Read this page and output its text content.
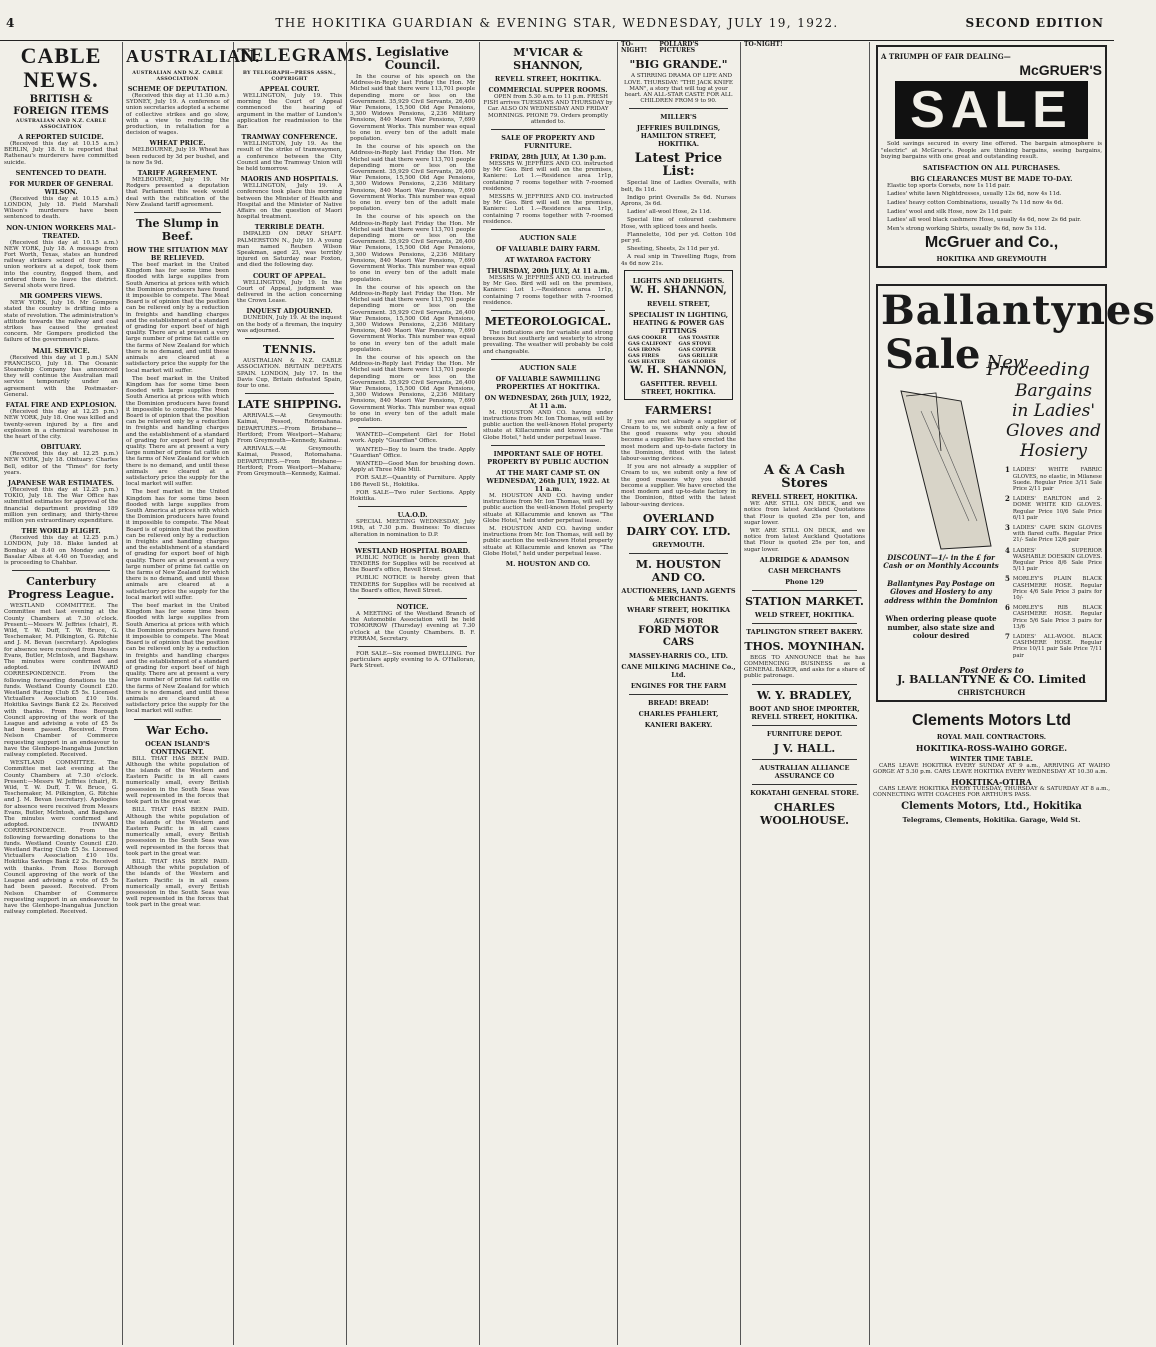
4	THE HOKITIKA GUARDIAN & EVENING STAR, WEDNESDAY, JULY 19, 1922.	SECOND EDITION
CABLE NEWS.
BRITISH & FOREIGN ITEMS
AUSTRALIAN AND N.Z. CABLE ASSOCIATION
A REPORTED SUICIDE.

(Received this day at 10.15 a.m.) BERLIN, July 18. It is reported that Rathenau's murderers have committed suicide.

SENTENCED TO DEATH.
FOR MURDER OF GENERAL WILSON.

(Received this day at 10.15 a.m.) LONDON, July 18. Field Marshall Wilson's murderers have been sentenced to death.

NON-UNION WORKERS MAL-TREATED.

(Received this day at 10.15 a.m.) NEW YORK, July 18. A message from Fort Worth, Texas, states an hundred railway strikers seized of four non-union workers at a depot, took them into the country, flogged them, and ordered them to leave the district. Several shots were fired.

MR GOMPERS VIEWS.

NEW YORK, July 16. Mr Gompers stated the country is drifting into a state of revolution. The administration's attitude towards the railway and coal strikes has caused the greatest concern. Mr Gompers predicted the failure of the government's plans.

MAIL SERVICE.

(Received this day at 1 p.m.) SAN FRANCISCO, July 18. The Oceanic Steamship Company has announced they will continue the Australian mail service temporarily under an agreement with the Postmaster-General.

FATAL FIRE AND EXPLOSION.

(Received this day at 12.25 p.m.) NEW YORK, July 18. One was killed and twenty-seven injured by a fire and explosion in a chemical warehouse in the heart of the city.

OBITUARY.

(Received this day at 12.25 p.m.) NEW YORK, July 18. Obituary: Charles Bell, editor of the "Times" for forty years.

JAPANESE WAR ESTIMATES.

(Received this day at 12.25 p.m.) TOKIO, July 18. The War Office has submitted estimates for approval of the financial department providing 189 million yen ordinary, and thirty-three million yen extraordinary expenditure.

THE WORLD FLIGHT.

(Received this day at 12.25 p.m.) LONDON, July 18. Blake landed at Bombay at 8.40 on Monday and is Basalar Albas at 4.40 on Tuesday, and is proceeding to Chahbar.

Canterbury Progress League.

WESTLAND COMMITTEE. The Committee met last evening at the County Chambers at 7.30 o'clock. Present:—Messrs W. Jeffries (chair), R. Wild, T. W. Duff, T. W. Bruce, G. Teschemaker, M. Pilkington, G. Ritchie and J. M. Bevan (secretary). Apologies for absence were received from Messrs Evans, Butler, McIntosh, and Bagshaw. The minutes were confirmed and adopted. INWARD CORRESPONDENCE. From the following forwarding donations to the funds. Westland County Council £20. Westland Racing Club £5 5s. Licensed Victuallers Association £10 10s. Hokitika Savings Bank £2 2s. Received with thanks. From Ross Borough Council approving of the work of the League and advising a vote of £5 5s had been passed. Received. From Nelson Chamber of Commerce requesting support in an endeavour to have the Glenhope-Inangahua Junction railway completed. Received.

WESTLAND COMMITTEE. The Committee met last evening at the County Chambers at 7.30 o'clock. Present:—Messrs W. Jeffries (chair), R. Wild, T. W. Duff, T. W. Bruce, G. Teschemaker, M. Pilkington, G. Ritchie and J. M. Bevan (secretary). Apologies for absence were received from Messrs Evans, Butler, McIntosh, and Bagshaw. The minutes were confirmed and adopted. INWARD CORRESPONDENCE. From the following forwarding donations to the funds. Westland County Council £20. Westland Racing Club £5 5s. Licensed Victuallers Association £10 10s. Hokitika Savings Bank £2 2s. Received with thanks. From Ross Borough Council approving of the work of the League and advising a vote of £5 5s had been passed. Received. From Nelson Chamber of Commerce requesting support in an endeavour to have the Glenhope-Inangahua Junction railway completed. Received.

AUSTRALIAN.
AUSTRALIAN AND N.Z. CABLE ASSOCIATION
SCHEME OF DEPUTATION.

(Received this day at 11.30 a.m.) SYDNEY, July 19. A conference of union secretaries adopted a scheme of collective strikes and go slow, with a view to reducing the production, in retaliation for a decision of wages.

WHEAT PRICE.

MELBOURNE, July 19. Wheat has been reduced by 3d per bushel, and is now 5s 9d.

TARIFF AGREEMENT.

MELBOURNE, July 19. Mr Rodgers presented a deputation that Parliament this week would deal with the ratification of the New Zealand tariff agreement.

The Slump in Beef.
HOW THE SITUATION MAY BE RELIEVED.

The beef market in the United Kingdom has for some time been flooded with large supplies from South America at prices with which the Dominion producers have found it impossible to compete. The Meat Board is of opinion that the position can be relieved only by a reduction in freights and handling charges and the establishment of a standard of grading for export beef of high quality. There are at present a very large number of prime fat cattle on the farms of New Zealand for which there is no demand, and until these animals are cleared at a satisfactory price the supply for the local market will suffer.

The beef market in the United Kingdom has for some time been flooded with large supplies from South America at prices with which the Dominion producers have found it impossible to compete. The Meat Board is of opinion that the position can be relieved only by a reduction in freights and handling charges and the establishment of a standard of grading for export beef of high quality. There are at present a very large number of prime fat cattle on the farms of New Zealand for which there is no demand, and until these animals are cleared at a satisfactory price the supply for the local market will suffer.

The beef market in the United Kingdom has for some time been flooded with large supplies from South America at prices with which the Dominion producers have found it impossible to compete. The Meat Board is of opinion that the position can be relieved only by a reduction in freights and handling charges and the establishment of a standard of grading for export beef of high quality. There are at present a very large number of prime fat cattle on the farms of New Zealand for which there is no demand, and until these animals are cleared at a satisfactory price the supply for the local market will suffer.

The beef market in the United Kingdom has for some time been flooded with large supplies from South America at prices with which the Dominion producers have found it impossible to compete. The Meat Board is of opinion that the position can be relieved only by a reduction in freights and handling charges and the establishment of a standard of grading for export beef of high quality. There are at present a very large number of prime fat cattle on the farms of New Zealand for which there is no demand, and until these animals are cleared at a satisfactory price the supply for the local market will suffer.

War Echo.
OCEAN ISLAND'S CONTINGENT.

BILL THAT HAS BEEN PAID. Although the white population of the islands of the Western and Eastern Pacific is in all cases numerically small, every British possession in the South Seas was well represented in the forces that took part in the great war.

BILL THAT HAS BEEN PAID. Although the white population of the islands of the Western and Eastern Pacific is in all cases numerically small, every British possession in the South Seas was well represented in the forces that took part in the great war.

BILL THAT HAS BEEN PAID. Although the white population of the islands of the Western and Eastern Pacific is in all cases numerically small, every British possession in the South Seas was well represented in the forces that took part in the great war.

TELEGRAMS.
BY TELEGRAPH—PRESS ASSN., COPYRIGHT
APPEAL COURT.

WELLINGTON, July 19. This morning the Court of Appeal commenced the hearing of argument in the matter of Lundon's application for readmission to the Bar.

TRAMWAY CONFERENCE.

WELLINGTON, July 19. As the result of the strike of tramwaymen, a conference between the City Council and the Tramway Union will be held tomorrow.

MAORIS AND HOSPITALS.

WELLINGTON, July 19. A conference took place this morning between the Minister of Health and Hospital and the Minister of Native Affairs on the question of Maori hospital treatment.

TERRIBLE DEATH.

IMPALED ON DRAY SHAFT. PALMERSTON N., July 19. A young man named Reuben Wilson Speakman, aged 23, was terribly injured on Saturday near Foxton, and died the following day.

COURT OF APPEAL.

WELLINGTON, July 19. In the Court of Appeal, judgment was delivered in the action concerning the Crown Lease.

INQUEST ADJOURNED.

DUNEDIN, July 19. At the inquest on the body of a fireman, the inquiry was adjourned.

TENNIS.

AUSTRALIAN & N.Z. CABLE ASSOCIATION. BRITAIN DEFEATS SPAIN. LONDON, July 17. In the Davis Cup, Britain defeated Spain, four to one.

LATE SHIPPING.

ARRIVALS.—At Greymouth: Kaimai, Pessod, Rotomahana. DEPARTURES.—From Brisbane—Hertford; From Westport—Mahara; From Greymouth—Kennedy, Kaimai.

ARRIVALS.—At Greymouth: Kaimai, Pessod, Rotomahana. DEPARTURES.—From Brisbane—Hertford; From Westport—Mahara; From Greymouth—Kennedy, Kaimai.

Legislative Council.

In the course of his speech on the Address-in-Reply last Friday the Hon. Mr Michel said that there were 113,701 people depending more or less on the Government. 35,929 Civil Servants, 26,400 War Pensions, 15,500 Old Age Pensions, 3,300 Widows Pensions, 2,236 Military Pensions, 840 Maori War Pensions, 7,690 Government Works. This number was equal to one in every ten of the adult male population.

In the course of his speech on the Address-in-Reply last Friday the Hon. Mr Michel said that there were 113,701 people depending more or less on the Government. 35,929 Civil Servants, 26,400 War Pensions, 15,500 Old Age Pensions, 3,300 Widows Pensions, 2,236 Military Pensions, 840 Maori War Pensions, 7,690 Government Works. This number was equal to one in every ten of the adult male population.

In the course of his speech on the Address-in-Reply last Friday the Hon. Mr Michel said that there were 113,701 people depending more or less on the Government. 35,929 Civil Servants, 26,400 War Pensions, 15,500 Old Age Pensions, 3,300 Widows Pensions, 2,236 Military Pensions, 840 Maori War Pensions, 7,690 Government Works. This number was equal to one in every ten of the adult male population.

In the course of his speech on the Address-in-Reply last Friday the Hon. Mr Michel said that there were 113,701 people depending more or less on the Government. 35,929 Civil Servants, 26,400 War Pensions, 15,500 Old Age Pensions, 3,300 Widows Pensions, 2,236 Military Pensions, 840 Maori War Pensions, 7,690 Government Works. This number was equal to one in every ten of the adult male population.

In the course of his speech on the Address-in-Reply last Friday the Hon. Mr Michel said that there were 113,701 people depending more or less on the Government. 35,929 Civil Servants, 26,400 War Pensions, 15,500 Old Age Pensions, 3,300 Widows Pensions, 2,236 Military Pensions, 840 Maori War Pensions, 7,690 Government Works. This number was equal to one in every ten of the adult male population.

WANTED—Competent Girl for Hotel work. Apply "Guardian" Office.

WANTED—Boy to learn the trade. Apply "Guardian" Office.

WANTED—Good Man for brushing down. Apply at Three Mile Mill.

FOR SALE—Quantity of Furniture. Apply 186 Revell St., Hokitika.

FOR SALE—Two ruler Sections. Apply Hokitika.

U.A.O.D.

SPECIAL MEETING WEDNESDAY, July 19th, at 7.30 p.m. Business: To discuss alteration in nomination to D.P.

WESTLAND HOSPITAL BOARD.

PUBLIC NOTICE is hereby given that TENDERS for Supplies will be received at the Board's office, Revell Street.

PUBLIC NOTICE is hereby given that TENDERS for Supplies will be received at the Board's office, Revell Street.

NOTICE.

A MEETING of the Westland Branch of the Automobile Association will be held TOMORROW (Thursday) evening at 7.30 o'clock at the County Chambers. B. F. FERRAM, Secretary.

FOR SALE—Six roomed DWELLING. For particulars apply evening to A. O'Halloran, Park Street.

M'VICAR & SHANNON,
REVELL STREET, HOKITIKA.
COMMERCIAL SUPPER ROOMS.

OPEN from 5.30 a.m. to 11 p.m. FRESH FISH arrives TUESDAYS AND THURSDAY by Car. ALSO ON WEDNESDAY AND FRIDAY MORNINGS. PHONE 79. Orders promptly attended to.

SALE OF PROPERTY AND FURNITURE.
FRIDAY, 28th JULY, At 1.30 p.m.

MESSRS W. JEFFRIES AND CO. instructed by Mr Geo. Bird will sell on the premises, Kaniere: Lot 1.—Residence area 1r1p, containing 7 rooms together with 7-roomed residence.

MESSRS W. JEFFRIES AND CO. instructed by Mr Geo. Bird will sell on the premises, Kaniere: Lot 1.—Residence area 1r1p, containing 7 rooms together with 7-roomed residence.

AUCTION SALE
OF VALUABLE DAIRY FARM.
AT WATAROA FACTORY
THURSDAY, 20th JULY, At 11 a.m.

MESSRS W. JEFFRIES AND CO. instructed by Mr Geo. Bird will sell on the premises, Kaniere: Lot 1.—Residence area 1r1p, containing 7 rooms together with 7-roomed residence.

METEOROLOGICAL.

The indications are for variable and strong breezes but southerly and westerly to strong prevailing. The weather will probably be cold and changeable.

AUCTION SALE
OF VALUABLE SAWMILLING PROPERTIES AT HOKITIKA.
ON WEDNESDAY, 26th JULY, 1922, At 11 a.m.

M. HOUSTON AND CO. having under instructions from Mr. Ion Thomas, will sell by public auction the well-known Hotel property situate at Killacummie and known as "The Globe Hotel," held under perpetual lease.

IMPORTANT SALE OF HOTEL PROPERTY BY PUBLIC AUCTION
AT THE MART CAMP ST. ON WEDNESDAY, 26th JULY, 1922. At 11 a.m.

M. HOUSTON AND CO. having under instructions from Mr. Ion Thomas, will sell by public auction the well-known Hotel property situate at Killacummie and known as "The Globe Hotel," held under perpetual lease.

M. HOUSTON AND CO. having under instructions from Mr. Ion Thomas, will sell by public auction the well-known Hotel property situate at Killacummie and known as "The Globe Hotel," held under perpetual lease.

M. HOUSTON AND CO.
TO-NIGHT!
POLLARD'S PICTURES
"BIG GRANDE."

A STIRRING DRAMA OF LIFE AND LOVE. THURSDAY: "THE JACK KNIFE MAN", a story that will tug at your heart. AN ALL-STAR CASTE FOR ALL CHILDREN FROM 9 to 90.

MILLER'S
JEFFRIES BUILDINGS, HAMILTON STREET, HOKITIKA.
Latest Price List:

Special line of Ladies Overalls, with belt, 8s 11d.

Indigo print Overalls 5s 6d. Nurses Aprons, 3s 6d.

Ladies' all-wool Hose, 2s 11d.

Special line of coloured cashmere Hose, with spliced toes and heels.

Flannelette, 10d per yd. Cotton 10d per yd.

Sheeting, Sheets, 2s 11d per yd.

A real snip in Travelling Rugs, from 4s 6d now 21s.

LIGHTS AND DELIGHTS.
W. H. SHANNON,
REVELL STREET,
SPECIALIST IN LIGHTING, HEATING & POWER GAS FITTINGS
GAS COOKER	GAS TOASTER
GAS CALIFONT	GAS STOVE
GAS IRONS	GAS COPPER
GAS FIRES	GAS GRILLER
GAS HEATER	GAS GLOBES
W. H. SHANNON,
GASFITTER. REVELL STREET, HOKITIKA.
FARMERS!

If you are not already a supplier of Cream to us, we submit only a few of the good reasons why you should become a supplier. We have erected the most modern and up-to-date factory in the Dominion, fitted with the latest labour-saving devices.

If you are not already a supplier of Cream to us, we submit only a few of the good reasons why you should become a supplier. We have erected the most modern and up-to-date factory in the Dominion, fitted with the latest labour-saving devices.

OVERLAND DAIRY COY. LTD.
GREYMOUTH.
M. HOUSTON AND CO.
AUCTIONEERS, LAND AGENTS & MERCHANTS.
WHARF STREET, HOKITIKA
AGENTS FOR
FORD MOTOR CARS
MASSEY-HARRIS CO., LTD.
CANE MILKING MACHINE Co., Ltd.
ENGINES FOR THE FARM
BREAD! BREAD!
CHARLES PFAHLERT,
KANIERI BAKERY.
TO-NIGHT!
A & A Cash Stores
REVELL STREET, HOKITIKA.

WE ARE STILL ON DECK, and we notice from latest Auckland Quotations that Flour is quoted 25s per ton, and sugar lower.

WE ARE STILL ON DECK, and we notice from latest Auckland Quotations that Flour is quoted 25s per ton, and sugar lower.

ALDRIDGE & ADAMSON
CASH MERCHANTS
Phone 129
STATION MARKET.
WELD STREET, HOKITIKA.
TAPLINGTON STREET BAKERY.
THOS. MOYNIHAN.

BEGS TO ANNOUNCE that he has COMMENCING BUSINESS as a GENERAL BAKER, and asks for a share of public patronage.

W. Y. BRADLEY,
BOOT AND SHOE IMPORTER, REVELL STREET, HOKITIKA.
FURNITURE DEPOT.
J V. HALL.
AUSTRALIAN ALLIANCE ASSURANCE CO
KOKATAHI GENERAL STORE.
CHARLES WOOLHOUSE.
A TRIUMPH OF FAIR DEALING—
McGRUER'S
SALE

Sold savings secured in every line offered. The bargain atmosphere is "electric" at McGruer's. People are thinking bargains, seeing bargains, buying bargains with one great and outstanding result.

SATISFACTION ON ALL PURCHASES.
BIG CLEARANCES MUST BE MADE TO-DAY.

Elastic top sports Corsets, now 1s 11d pair.

Ladies' white lawn Nightdresses, usually 12s 6d, now 4s 11d.

Ladies' heavy cotton Combinations, usually 7s 11d now 4s 6d.

Ladies' wool and silk Hose, now 2s 11d pair.

Ladies' all wool black cashmere Hose, usually 4s 6d, now 2s 6d pair.

Men's strong working Shirts, usually 9s 6d, now 5s 11d.

McGruer and Co.,
HOKITIKA AND GREYMOUTH
Ballantynes
Sale New Proceeding
DISCOUNT—1/- in the £ for Cash or on Monthly Accounts
Ballantynes Pay Postage on Gloves and Hosiery to any address within the Dominion
When ordering please quote number, also state size and colour desired
Bargains in Ladies' Gloves and Hosiery
1 LADIES' WHITE FABRIC GLOVES, no elastic, in Milanese Suede. Regular Price 3/11 Sale Price 2/11 pair
2 LADIES' EARLTON and 2-DOME WHITE KID GLOVES. Regular Price 10/6 Sale Price 6/11 pair
3 LADIES' CAPE SKIN GLOVES with flared cuffs. Regular Price 21/- Sale Price 12/6 pair
4 LADIES' SUPERIOR WASHABLE DOESKIN GLOVES. Regular Price 8/6 Sale Price 5/11 pair
5 MORLEY'S PLAIN BLACK CASHMERE HOSE. Regular Price 4/6 Sale Price 3 pairs for 10/-
6 MORLEY'S RIB BLACK CASHMERE HOSE. Regular Price 5/6 Sale Price 3 pairs for 13/6
7 LADIES' ALL-WOOL BLACK CASHMERE HOSE. Regular Price 10/11 pair Sale Price 7/11 pair
Post Orders to
J. BALLANTYNE & CO. Limited
CHRISTCHURCH
Clements Motors Ltd
ROYAL MAIL CONTRACTORS.
HOKITIKA-ROSS-WAIHO GORGE.
WINTER TIME TABLE.

CARS LEAVE HOKITIKA EVERY SUNDAY AT 9 a.m., ARRIVING AT WAIHO GORGE AT 5.30 p.m. CARS LEAVE HOKITIKA EVERY WEDNESDAY AT 10.30 a.m.

HOKITIKA-OTIRA

CARS LEAVE HOKITIKA EVERY TUESDAY, THURSDAY & SATURDAY AT 8 a.m., CONNECTING WITH COACHES FOR ARTHUR'S PASS.

Clements Motors, Ltd., Hokitika
Telegrams, Clements, Hokitika. Garage, Weld St.
